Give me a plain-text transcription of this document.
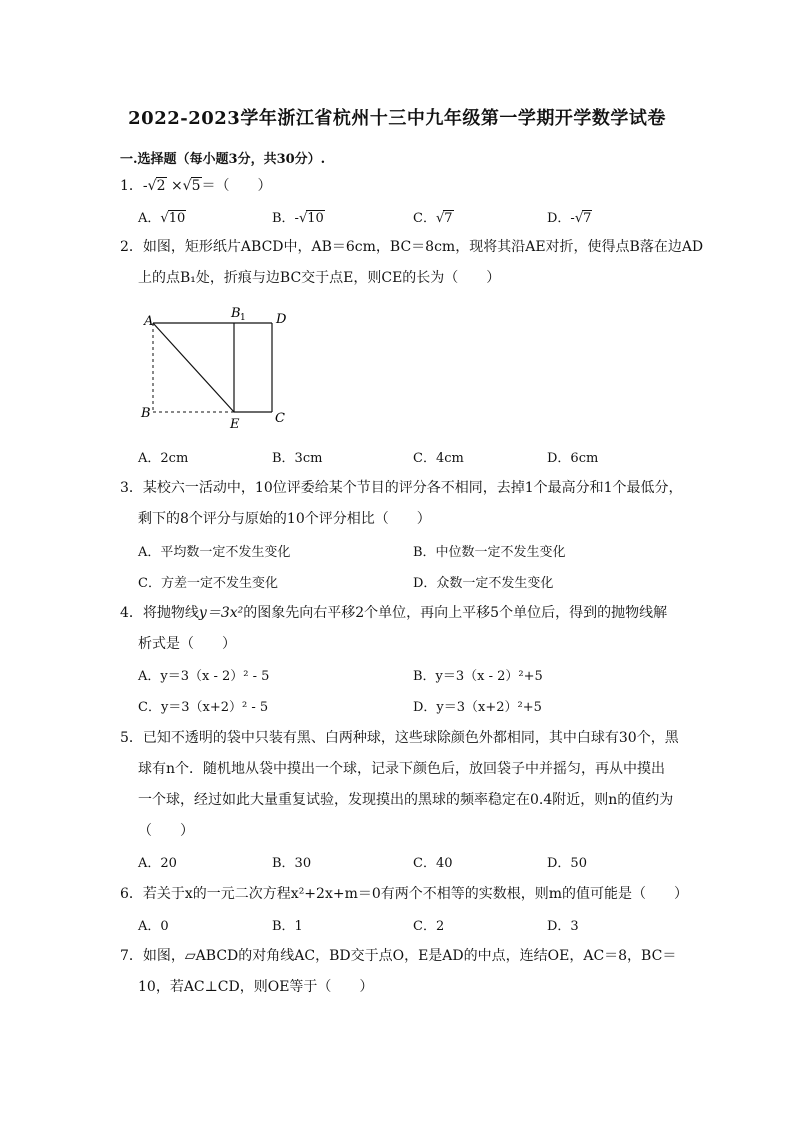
2022-2023学年浙江省杭州十三中九年级第一学期开学数学试卷
一.选择题（每小题3分，共30分）.
1．-√2 ×√5＝（　　）
A．√10	B．-√10	C．√7	D．-√7
2．如图，矩形纸片ABCD中，AB＝6cm，BC＝8cm，现将其沿AE对折，使得点B落在边AD
上的点B₁处，折痕与边BC交于点E，则CE的长为（　　）
A
B 1 D
B
E	C
A．2cm	B．3cm	C．4cm	D．6cm
3．某校六一活动中，10位评委给某个节目的评分各不相同，去掉1个最高分和1个最低分，
剩下的8个评分与原始的10个评分相比（　　）
A．平均数一定不发生变化	B．中位数一定不发生变化
C．方差一定不发生变化	D．众数一定不发生变化
4．将抛物线y＝3x²的图象先向右平移2个单位，再向上平移5个单位后，得到的抛物线解
析式是（　　）
A．y＝3（x - 2）² - 5	B．y＝3（x - 2）²+5
C．y＝3（x+2）² - 5	D．y＝3（x+2）²+5
5．已知不透明的袋中只装有黑、白两种球，这些球除颜色外都相同，其中白球有30个，黑
球有n个．随机地从袋中摸出一个球，记录下颜色后，放回袋子中并摇匀，再从中摸出
一个球，经过如此大量重复试验，发现摸出的黑球的频率稳定在0.4附近，则n的值约为
（　　）
A．20	B．30	C．40	D．50
6．若关于x的一元二次方程x²+2x+m＝0有两个不相等的实数根，则m的值可能是（　　）
A．0	B．1	C．2	D．3
7．如图，▱ABCD的对角线AC，BD交于点O，E是AD的中点，连结OE，AC＝8，BC＝
10，若AC⊥CD，则OE等于（　　）
